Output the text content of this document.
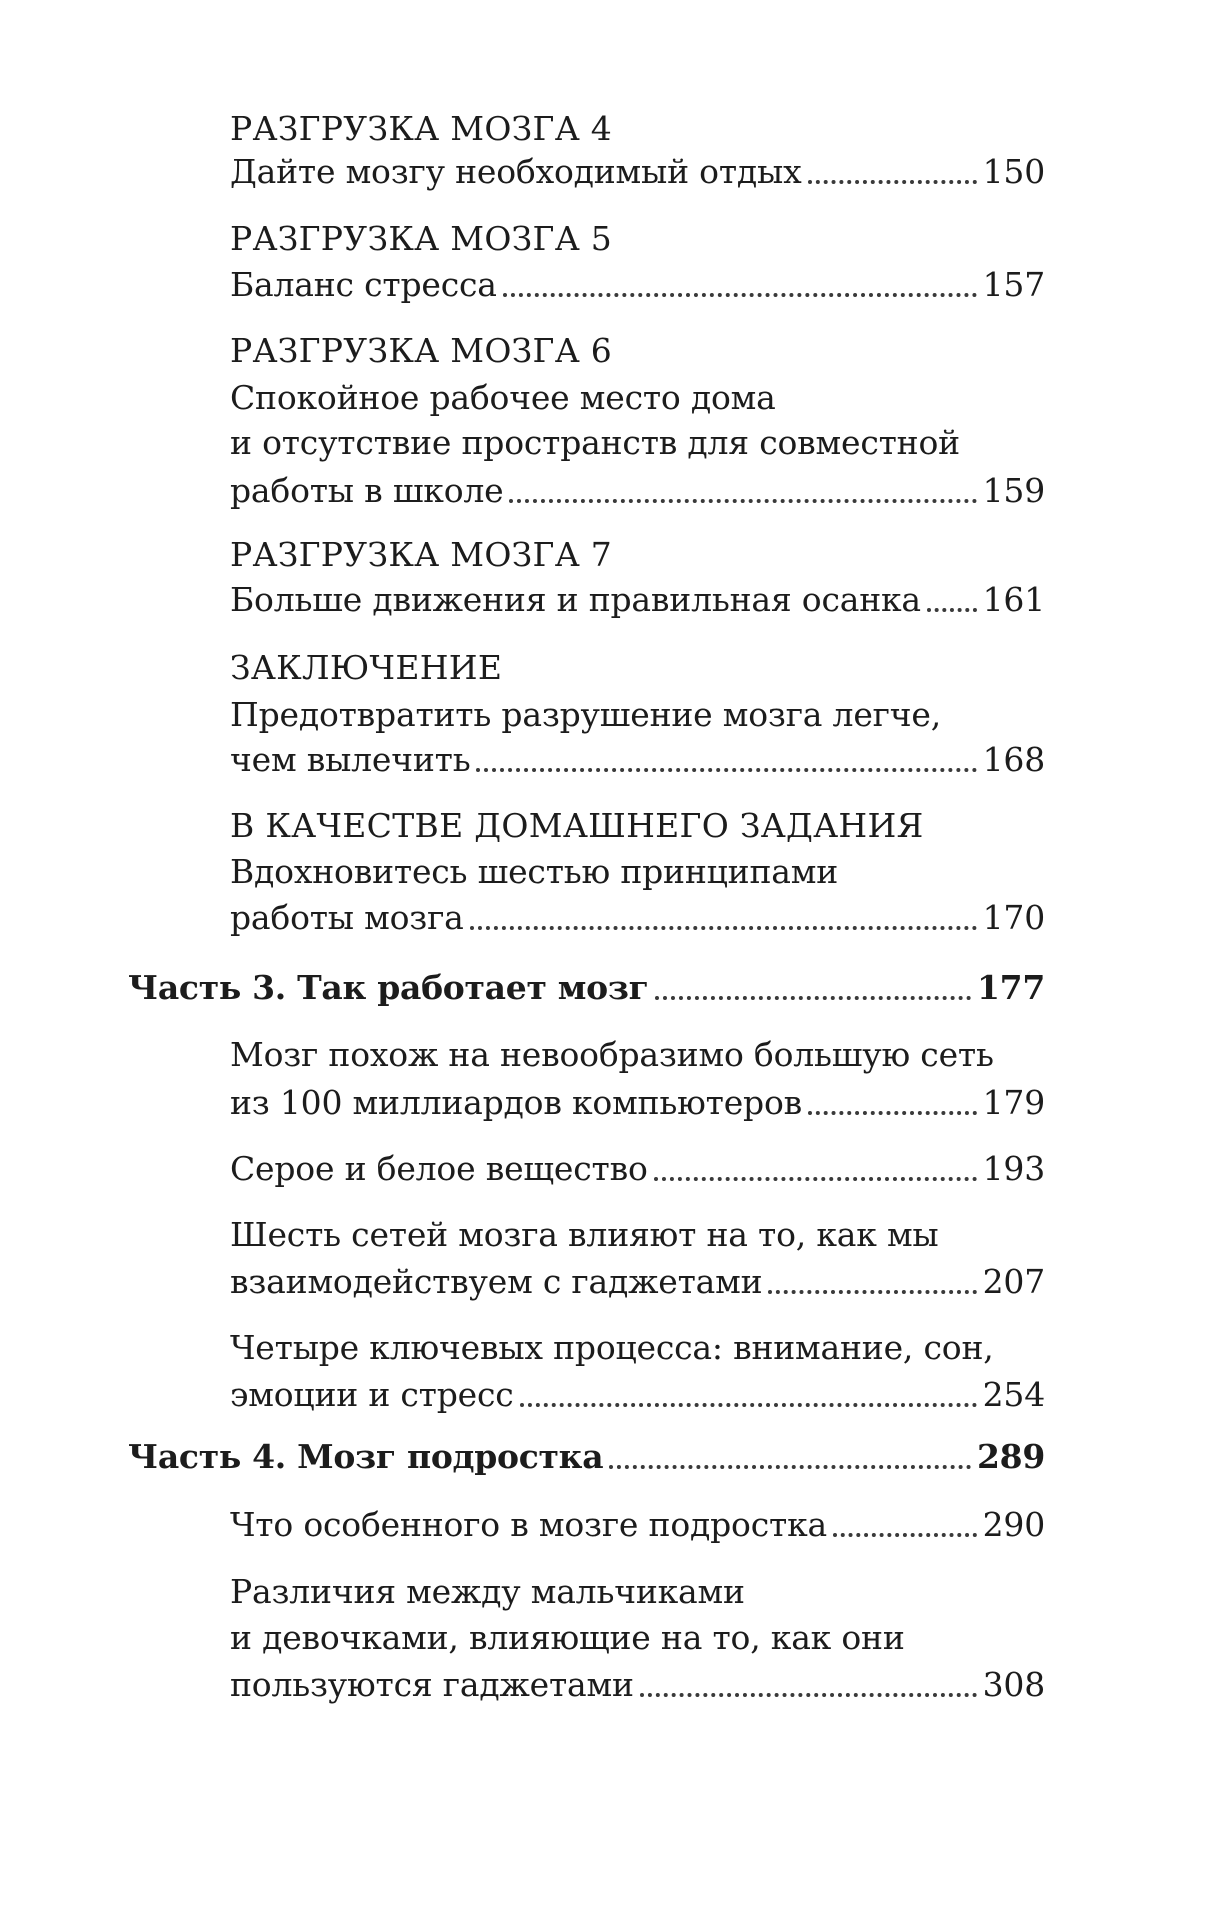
РАЗГРУЗКА МОЗГА 4
Дайте мозгу необходимый отдых	150
РАЗГРУЗКА МОЗГА 5
Баланс стресса	157
РАЗГРУЗКА МОЗГА 6
Спокойное рабочее место дома
и отсутствие пространств для совместной
работы в школе	159
РАЗГРУЗКА МОЗГА 7
Больше движения и правильная осанка 161
ЗАКЛЮЧЕНИЕ
Предотвратить разрушение мозга легче,
чем вылечить	168
В КАЧЕСТВЕ ДОМАШНЕГО ЗАДАНИЯ
Вдохновитесь шестью принципами
работы мозга	170
Часть 3. Так работает мозг	177
Мозг похож на невообразимо большую сеть
из 100 миллиардов компьютеров	179
Серое и белое вещество	193
Шесть сетей мозга влияют на то, как мы
взаимодействуем с гаджетами	207
Четыре ключевых процесса: внимание, сон,
эмоции и стресс	254
Часть 4. Мозг подростка	289
Что особенного в мозге подростка	290
Различия между мальчиками
и девочками, влияющие на то, как они
пользуются гаджетами	308
